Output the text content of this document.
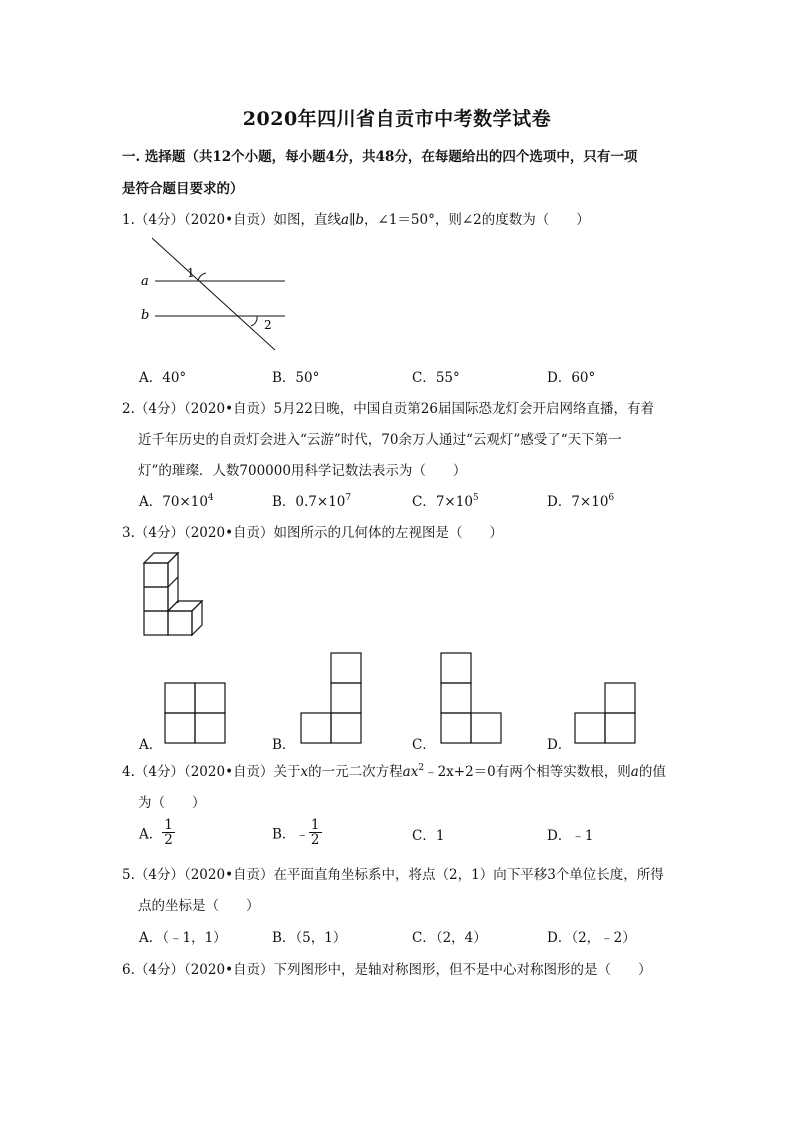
2020年四川省自贡市中考数学试卷
一. 选择题（共12个小题，每小题4分，共48分，在每题给出的四个选项中，只有一项
是符合题目要求的）
1.（4分）（2020•自贡）如图，直线a∥b，∠1＝50°，则∠2的度数为（　　）
a
b
1
2
A．40°	B．50°	C．55°	D．60°
2.（4分）（2020•自贡）5月22日晚，中国自贡第26届国际恐龙灯会开启网络直播，有着
近千年历史的自贡灯会进入“云游”时代，70余万人通过“云观灯”感受了“天下第一
灯”的璀璨．人数700000用科学记数法表示为（　　）
A．$70\times 10^4$	B．$0.7\times 10^7$	C．$7\times 10^5$	D．$7\times 10^6$
3.（4分）（2020•自贡）如图所示的几何体的左视图是（　　）
A．	B．	C．	D．
4.（4分）（2020•自贡）关于x的一元二次方程$ax^2﹣2x+2=0$有两个相等实数根，则a的值
为（　　）
A． $\frac{1}{2}$	B．﹣ $\frac{1}{2}$	C．1	D．﹣1
5.（4分）（2020•自贡）在平面直角坐标系中，将点（2，1）向下平移3个单位长度，所得
点的坐标是（　　）
A．（﹣1，1）	B．（5，1）	C．（2，4）	D．（2，﹣2）
6.（4分）（2020•自贡）下列图形中，是轴对称图形，但不是中心对称图形的是（　　）
